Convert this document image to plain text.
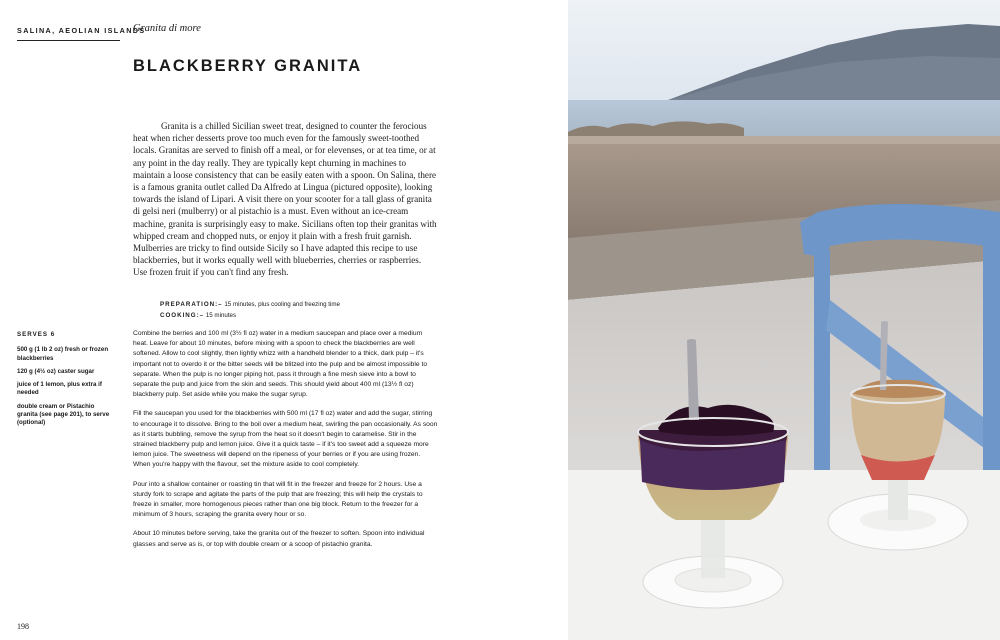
SALINA, AEOLIAN ISLANDS
Granita di more
BLACKBERRY GRANITA

Granita is a chilled Sicilian sweet treat, designed to counter the ferocious heat when richer desserts prove too much even for the famously sweet-toothed locals. Granitas are served to finish off a meal, or for elevenses, or at tea time, or at any point in the day really. They are typically kept churning in machines to maintain a loose consistency that can be easily eaten with a spoon. On Salina, there is a famous granita outlet called Da Alfredo at Lingua (pictured opposite), looking towards the island of Lipari. A visit there on your scooter for a tall glass of granita di gelsi neri (mulberry) or al pistachio is a must. Even without an ice-cream machine, granita is surprisingly easy to make. Sicilians often top their granitas with whipped cream and chopped nuts, or enjoy it plain with a fresh fruit garnish. Mulberries are tricky to find outside Sicily so I have adapted this recipe to use blackberries, but it works equally well with blueberries, cherries or raspberries. Use frozen fruit if you can't find any fresh.

PREPARATION:– 15 minutes, plus cooling and freezing time
COOKING:– 15 minutes
SERVES 6
500 g (1 lb 2 oz) fresh or frozen blackberries
120 g (4½ oz) caster sugar
juice of 1 lemon, plus extra if needed
double cream or Pistachio granita (see page 201), to serve (optional)

Combine the berries and 100 ml (3½ fl oz) water in a medium saucepan and place over a medium heat. Leave for about 10 minutes, before mixing with a spoon to check the blackberries are well softened. Allow to cool slightly, then lightly whizz with a handheld blender to a thick, dark pulp – it's important not to overdo it or the bitter seeds will be blitzed into the pulp and be almost impossible to separate. When the pulp is no longer piping hot, pass it through a fine mesh sieve into a bowl to separate the pulp and juice from the skin and seeds. This should yield about 400 ml (13½ fl oz) blackberry pulp. Set aside while you make the sugar syrup.

Fill the saucepan you used for the blackberries with 500 ml (17 fl oz) water and add the sugar, stirring to encourage it to dissolve. Bring to the boil over a medium heat, swirling the pan occasionally. As soon as it starts bubbling, remove the syrup from the heat so it doesn't begin to caramelise. Stir in the strained blackberry pulp and lemon juice. Give it a quick taste – if it's too sweet add a squeeze more lemon juice. The sweetness will depend on the ripeness of your berries or if you are using frozen. When you're happy with the flavour, set the mixture aside to cool completely.

Pour into a shallow container or roasting tin that will fit in the freezer and freeze for 2 hours. Use a sturdy fork to scrape and agitate the parts of the pulp that are freezing; this will help the crystals to freeze in smaller, more homogenous pieces rather than one big block. Return to the freezer for a minimum of 3 hours, scraping the granita every hour or so.

About 10 minutes before serving, take the granita out of the freezer to soften. Spoon into individual glasses and serve as is, or top with double cream or a scoop of pistachio granita.

198
